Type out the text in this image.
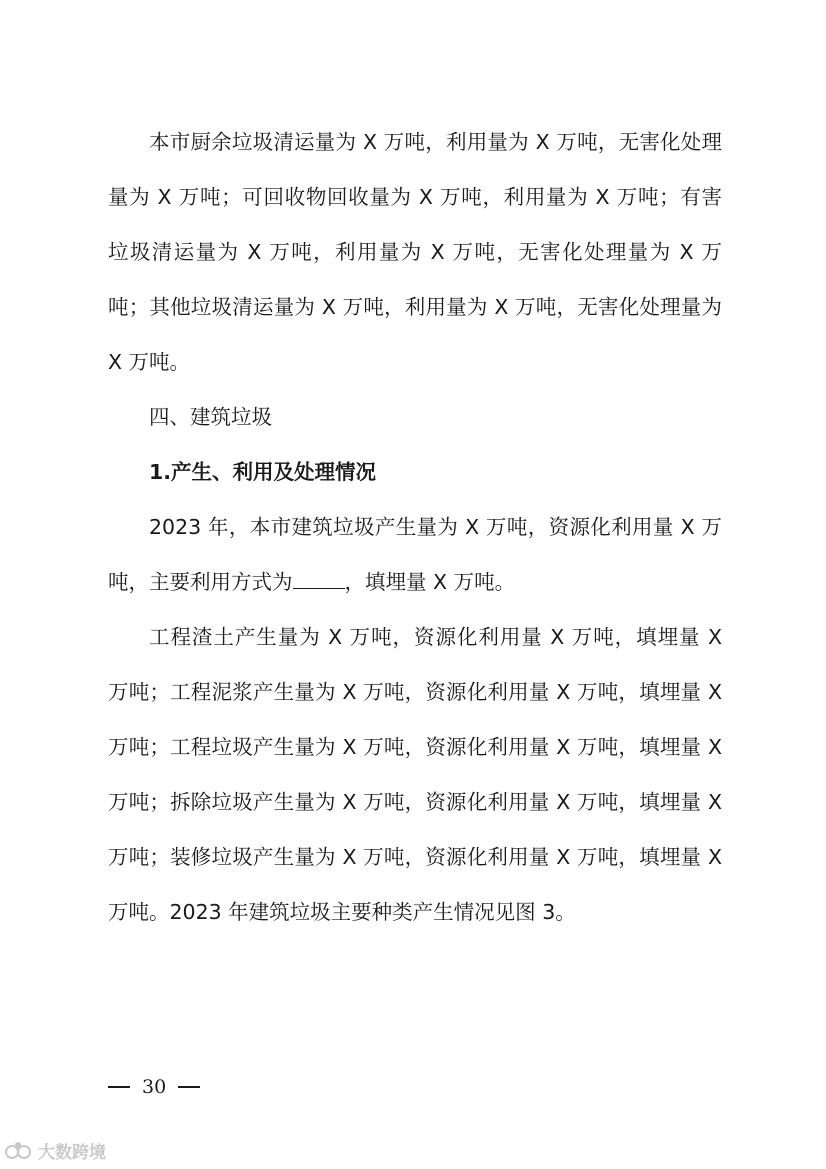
本市厨余垃圾清运量为 X 万吨，利用量为 X 万吨，无害化处理量为 X 万吨；可回收物回收量为 X 万吨，利用量为 X 万吨；有害垃圾清运量为 X 万吨，利用量为 X 万吨，无害化处理量为 X 万吨；其他垃圾清运量为 X 万吨，利用量为 X 万吨，无害化处理量为 X 万吨。

四、建筑垃圾

1.产生、利用及处理情况

2023 年，本市建筑垃圾产生量为 X 万吨，资源化利用量 X 万吨，主要利用方式为	，填埋量 X 万吨。

工程渣土产生量为 X 万吨，资源化利用量 X 万吨，填埋量 X 万吨；工程泥浆产生量为 X 万吨，资源化利用量 X 万吨，填埋量 X 万吨；工程垃圾产生量为 X 万吨，资源化利用量 X 万吨，填埋量 X 万吨；拆除垃圾产生量为 X 万吨，资源化利用量 X 万吨，填埋量 X 万吨；装修垃圾产生量为 X 万吨，资源化利用量 X 万吨，填埋量 X 万吨。2023 年建筑垃圾主要种类产生情况见图 3。

30
大数跨境
